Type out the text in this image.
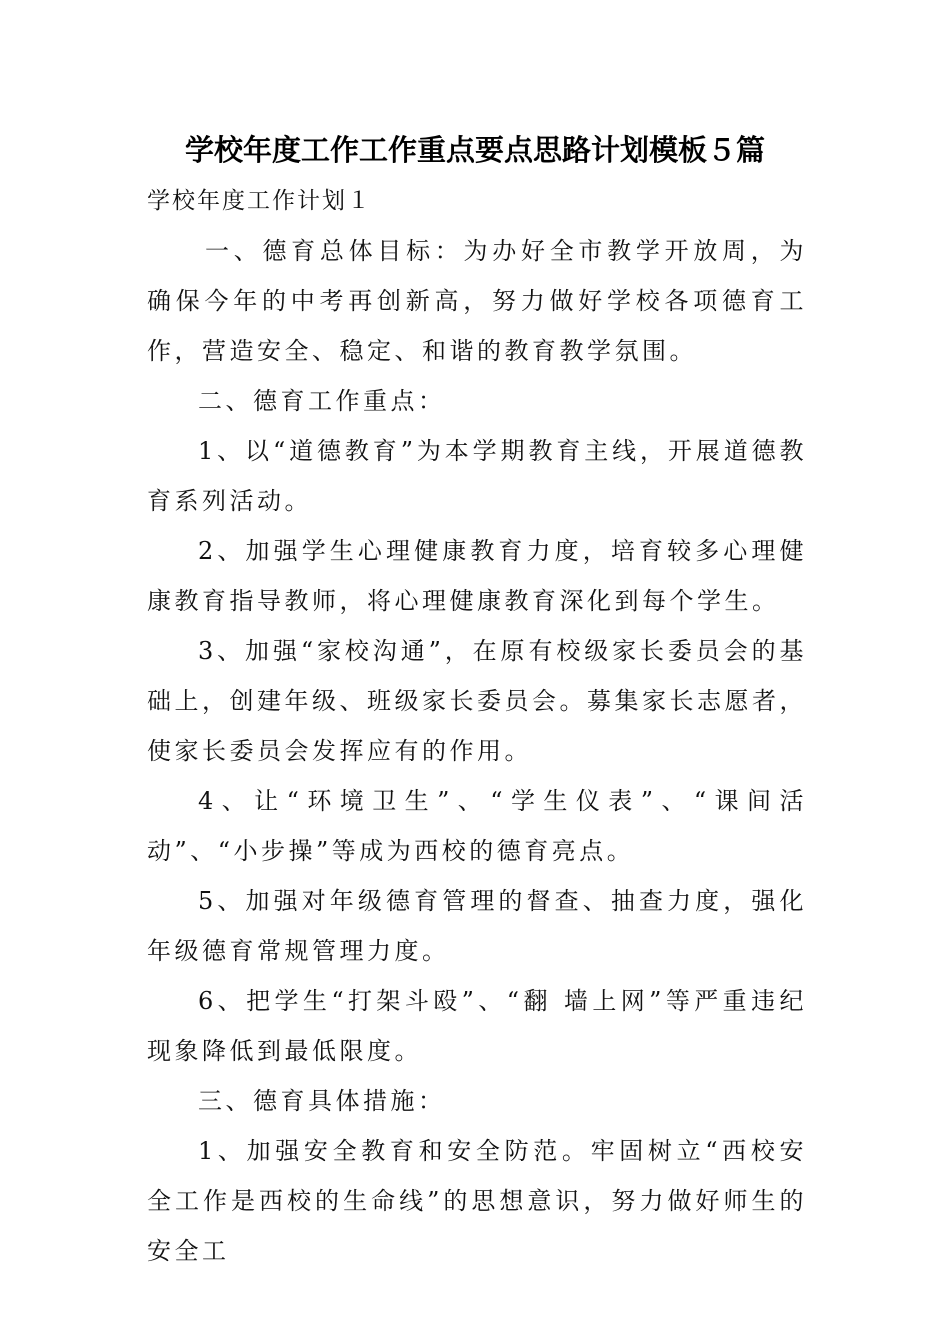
学校年度工作工作重点要点思路计划模板５篇

学校年度工作计划１

一、德育总体目标：为办好全市教学开放周，为确保今年的中考再创新高，努力做好学校各项德育工作，营造安全、稳定、和谐的教育教学氛围。

二、德育工作重点：

1、以“道德教育”为本学期教育主线，开展道德教育系列活动。

2、加强学生心理健康教育力度，培育较多心理健康教育指导教师，将心理健康教育深化到每个学生。

3、加强“家校沟通”，在原有校级家长委员会的基础上，创建年级、班级家长委员会。募集家长志愿者，使家长委员会发挥应有的作用。

4、让“环境卫生”、“学生仪表”、“课间活动”、“小步操”等成为西校的德育亮点。

5、加强对年级德育管理的督查、抽查力度，强化年级德育常规管理力度。

6、把学生“打架斗殴”、“翻 墙上网”等严重违纪现象降低到最低限度。

三、德育具体措施：

1、加强安全教育和安全防范。牢固树立“西校安全工作是西校的生命线”的思想意识，努力做好师生的安全工
